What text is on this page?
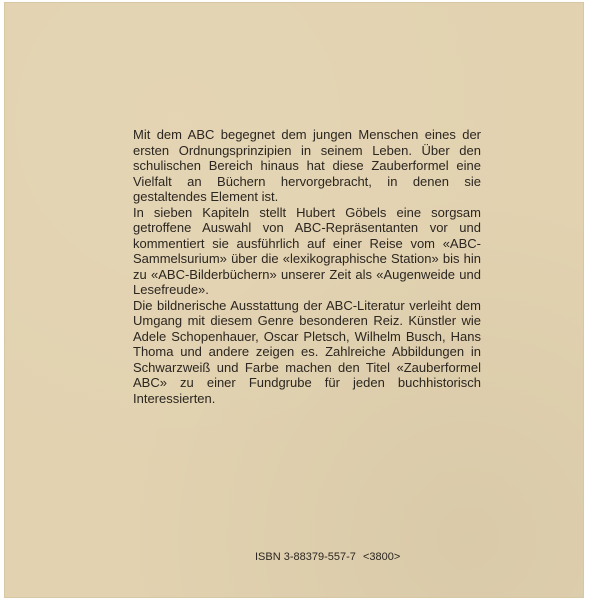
Mit dem ABC begegnet dem jungen Menschen eines der ersten Ordnungsprinzipien in seinem Leben. Über den schulischen Bereich hinaus hat diese Zauberformel eine Vielfalt an Büchern hervorgebracht, in denen sie gestaltendes Element ist.

In sieben Kapiteln stellt Hubert Göbels eine sorgsam getroffene Auswahl von ABC-Repräsentanten vor und kommentiert sie ausführlich auf einer Reise vom «ABC-Sammelsurium» über die «lexikographische Station» bis hin zu «ABC-Bilderbüchern» unserer Zeit als «Augenweide und Lesefreude».

Die bildnerische Ausstattung der ABC-Literatur verleiht dem Umgang mit diesem Genre besonderen Reiz. Künstler wie Adele Schopenhauer, Oscar Pletsch, Wilhelm Busch, Hans Thoma und andere zeigen es. Zahlreiche Abbildungen in Schwarzweiß und Farbe machen den Titel «Zauberformel ABC» zu einer Fundgrube für jeden buchhistorisch Interessierten.

ISBN 3-88379-557-7 <3800>
